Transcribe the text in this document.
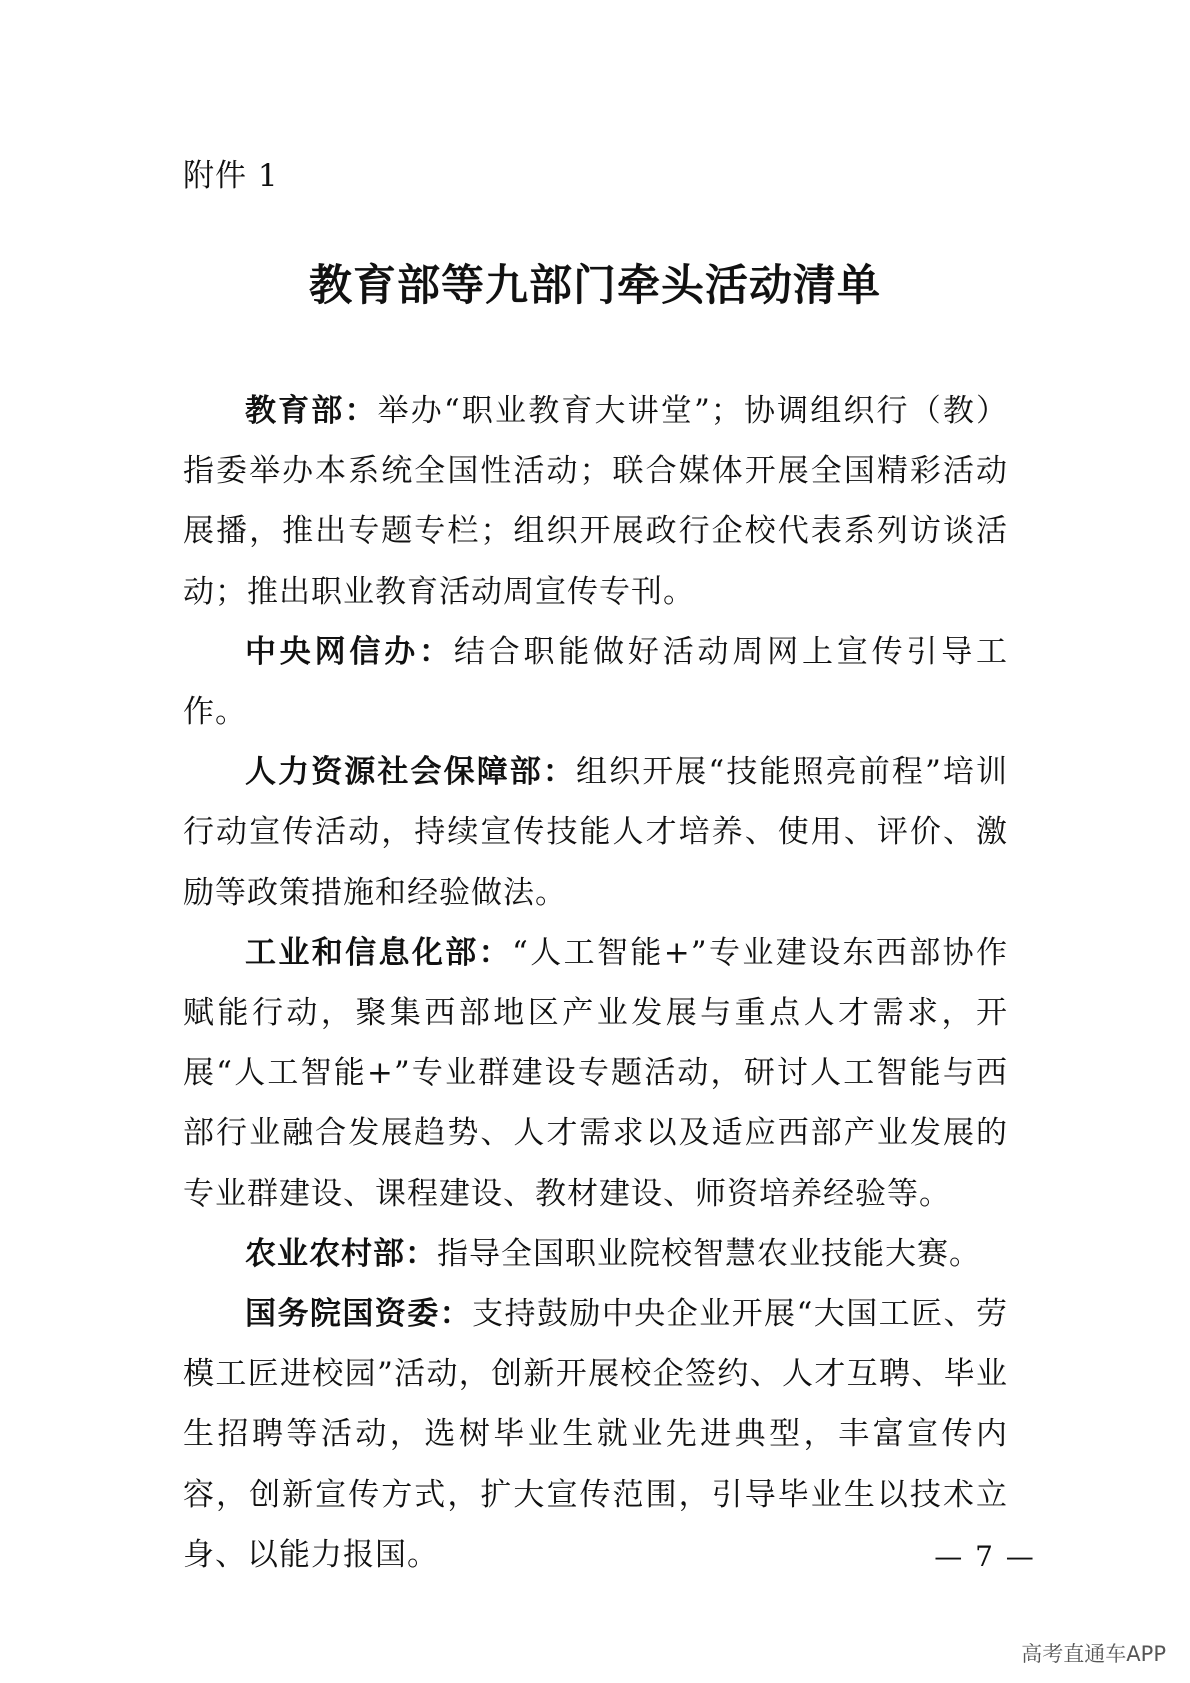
附件 1
教育部等九部门牵头活动清单

教育部：举办“职业教育大讲堂”；协调组织行（教）指委举办本系统全国性活动；联合媒体开展全国精彩活动展播，推出专题专栏；组织开展政行企校代表系列访谈活动；推出职业教育活动周宣传专刊。

中央网信办：结合职能做好活动周网上宣传引导工作。

人力资源社会保障部：组织开展“技能照亮前程”培训行动宣传活动，持续宣传技能人才培养、使用、评价、激励等政策措施和经验做法。

工业和信息化部：“人工智能+”专业建设东西部协作赋能行动，聚集西部地区产业发展与重点人才需求，开展“人工智能+”专业群建设专题活动，研讨人工智能与西部行业融合发展趋势、人才需求以及适应西部产业发展的专业群建设、课程建设、教材建设、师资培养经验等。

农业农村部：指导全国职业院校智慧农业技能大赛。

国务院国资委：支持鼓励中央企业开展“大国工匠、劳模工匠进校园”活动，创新开展校企签约、人才互聘、毕业生招聘等活动，选树毕业生就业先进典型，丰富宣传内容，创新宣传方式，扩大宣传范围，引导毕业生以技术立身、以能力报国。	— 7 —
高考直通车APP
